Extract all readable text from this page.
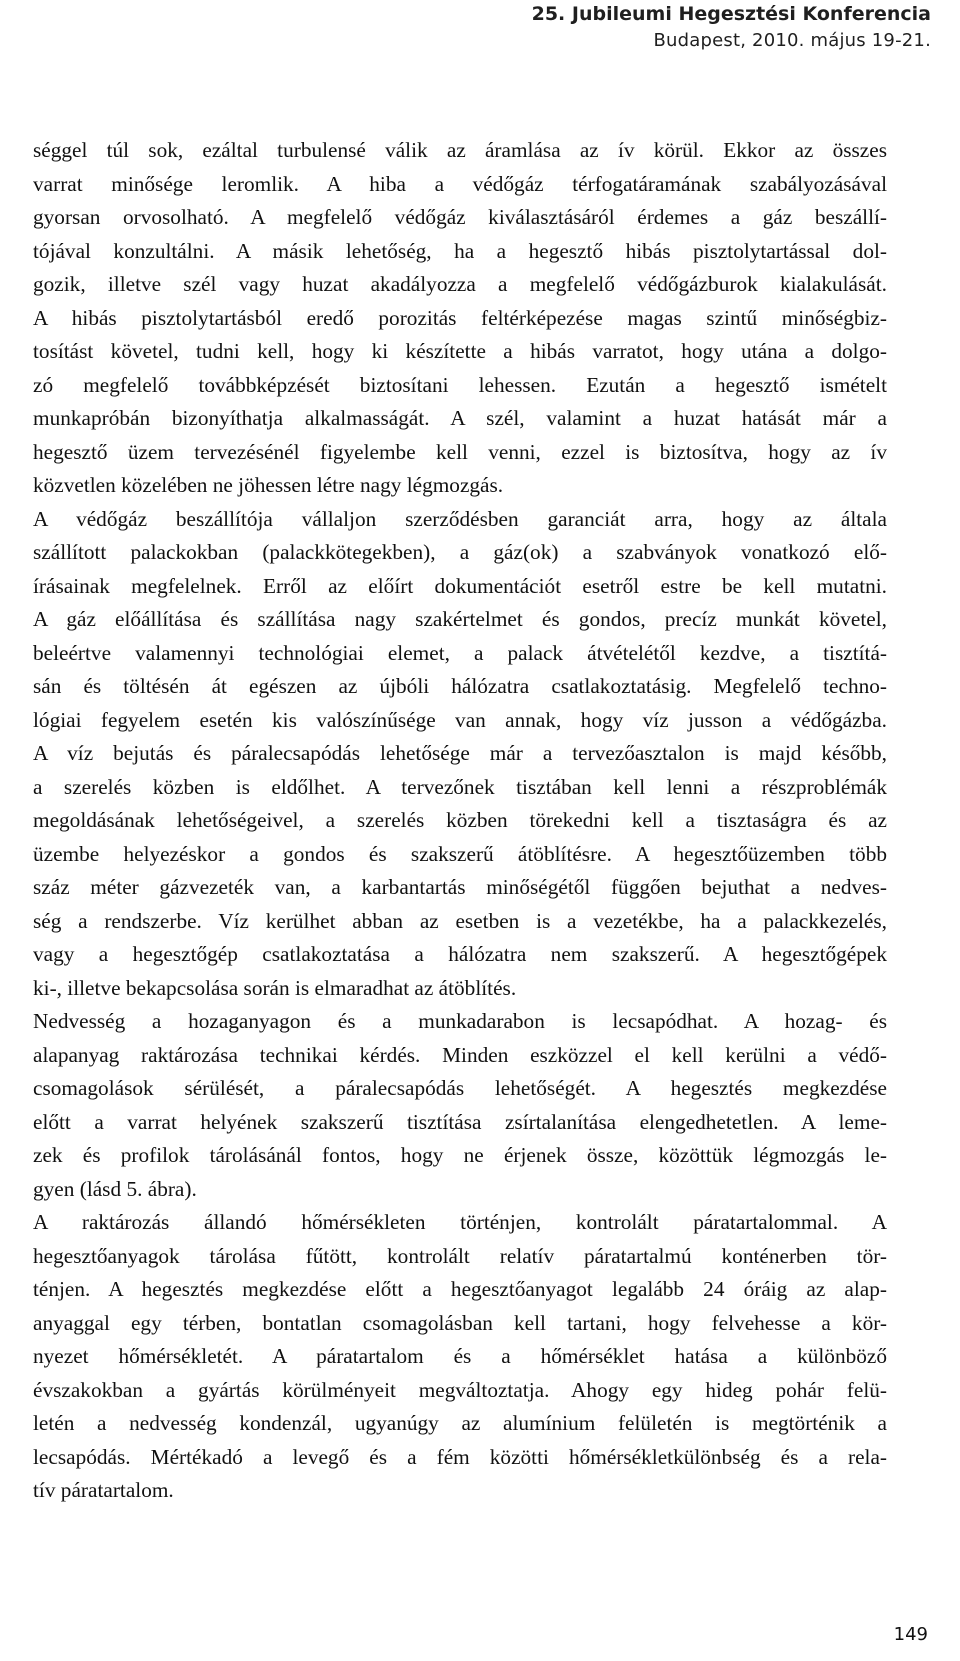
25. Jubileumi Hegesztési Konferencia
Budapest, 2010. május 19-21.
séggel túl sok, ezáltal turbulensé válik az áramlása az ív körül. Ekkor az összes
varrat minősége leromlik. A hiba a védőgáz térfogatáramának szabályozásával
gyorsan orvosolható. A megfelelő védőgáz kiválasztásáról érdemes a gáz beszállí-
tójával konzultálni. A másik lehetőség, ha a hegesztő hibás pisztolytartással dol-
gozik, illetve szél vagy huzat akadályozza a megfelelő védőgázburok kialakulását.
A hibás pisztolytartásból eredő porozitás feltérképezése magas szintű minőségbiz-
tosítást követel, tudni kell, hogy ki készítette a hibás varratot, hogy utána a dolgo-
zó megfelelő továbbképzését biztosítani lehessen. Ezután a hegesztő ismételt
munkapróbán bizonyíthatja alkalmasságát. A szél, valamint a huzat hatását már a
hegesztő üzem tervezésénél figyelembe kell venni, ezzel is biztosítva, hogy az ív
közvetlen közelében ne jöhessen létre nagy légmozgás.
A védőgáz beszállítója vállaljon szerződésben garanciát arra, hogy az általa
szállított palackokban (palackkötegekben), a gáz(ok) a szabványok vonatkozó elő-
írásainak megfelelnek. Erről az előírt dokumentációt esetről estre be kell mutatni.
A gáz előállítása és szállítása nagy szakértelmet és gondos, precíz munkát követel,
beleértve valamennyi technológiai elemet, a palack átvételétől kezdve, a tisztítá-
sán és töltésén át egészen az újbóli hálózatra csatlakoztatásig. Megfelelő techno-
lógiai fegyelem esetén kis valószínűsége van annak, hogy víz jusson a védőgázba.
A víz bejutás és páralecsapódás lehetősége már a tervezőasztalon is majd később,
a szerelés közben is eldőlhet. A tervezőnek tisztában kell lenni a részproblémák
megoldásának lehetőségeivel, a szerelés közben törekedni kell a tisztaságra és az
üzembe helyezéskor a gondos és szakszerű átöblítésre. A hegesztőüzemben több
száz méter gázvezeték van, a karbantartás minőségétől függően bejuthat a nedves-
ség a rendszerbe. Víz kerülhet abban az esetben is a vezetékbe, ha a palackkezelés,
vagy a hegesztőgép csatlakoztatása a hálózatra nem szakszerű. A hegesztőgépek
ki-, illetve bekapcsolása során is elmaradhat az átöblítés.
Nedvesség a hozaganyagon és a munkadarabon is lecsapódhat. A hozag- és
alapanyag raktározása technikai kérdés. Minden eszközzel el kell kerülni a védő-
csomagolások sérülését, a páralecsapódás lehetőségét. A hegesztés megkezdése
előtt a varrat helyének szakszerű tisztítása zsírtalanítása elengedhetetlen. A leme-
zek és profilok tárolásánál fontos, hogy ne érjenek össze, közöttük légmozgás le-
gyen (lásd 5. ábra).
A raktározás állandó hőmérsékleten történjen, kontrolált páratartalommal. A
hegesztőanyagok tárolása fűtött, kontrolált relatív páratartalmú konténerben tör-
ténjen. A hegesztés megkezdése előtt a hegesztőanyagot legalább 24 óráig az alap-
anyaggal egy térben, bontatlan csomagolásban kell tartani, hogy felvehesse a kör-
nyezet hőmérsékletét. A páratartalom és a hőmérséklet hatása a különböző
évszakokban a gyártás körülményeit megváltoztatja. Ahogy egy hideg pohár felü-
letén a nedvesség kondenzál, ugyanúgy az alumínium felületén is megtörténik a
lecsapódás. Mértékadó a levegő és a fém közötti hőmérsékletkülönbség és a rela-
tív páratartalom.
149
